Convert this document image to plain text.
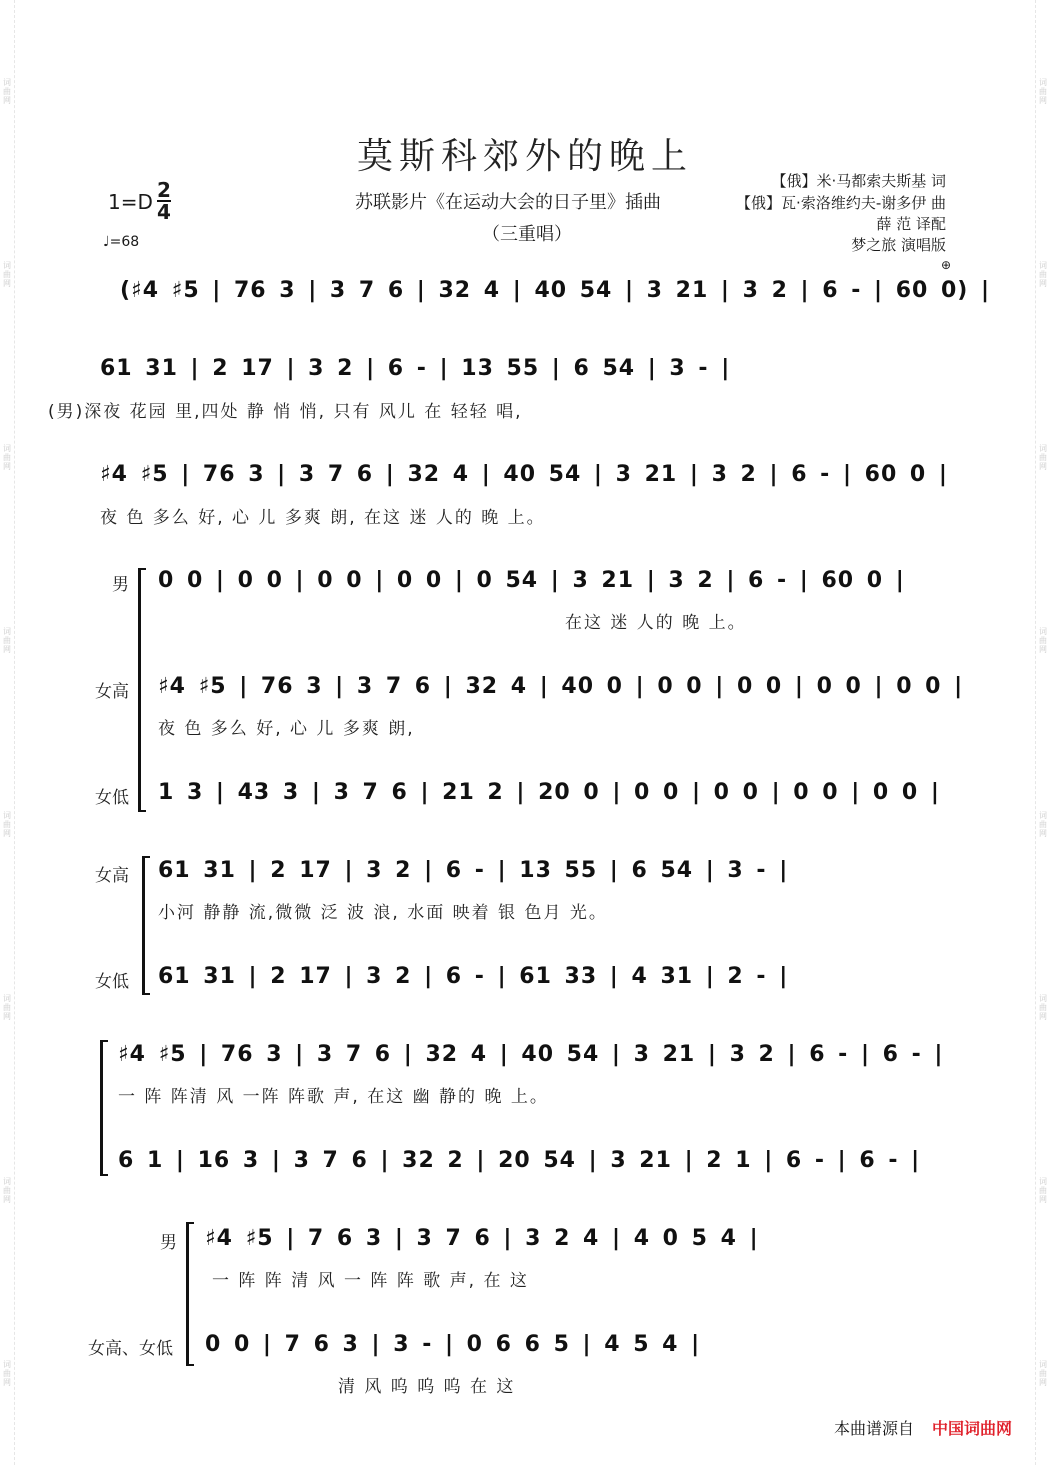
词曲网
词曲网
词曲网
词曲网
词曲网
词曲网
词曲网
词曲网
词曲网
词曲网
词曲网
词曲网
词曲网
词曲网
词曲网
词曲网
莫斯科郊外的晚上
苏联影片《在运动大会的日子里》插曲
（三重唱）
【俄】米·马都索夫斯基 词
【俄】瓦·索洛维约夫-谢多伊 曲
薛 范 译配
梦之旅 演唱版
1=D 2
4
♩=68
⊕
(♯4 ♯5 | 76 3 | 3 7 6 | 32 4 | 40 54 | 3 21 | 3 2 | 6 - | 60 0) |
61 31 | 2 17 | 3 2 | 6 - | 13 55 | 6 54 | 3 - |
(男)深夜 花园 里,四处 静 悄 悄, 只有 风儿 在 轻轻 唱,
♯4 ♯5 | 76 3 | 3 7 6 | 32 4 | 40 54 | 3 21 | 3 2 | 6 - | 60 0 |
夜 色 多么 好, 心 儿 多爽 朗, 在这 迷 人的 晚 上。
男 0 0 | 0 0 | 0 0 | 0 0 | 0 54 | 3 21 | 3 2 | 6 - | 60 0 |
在这 迷 人的 晚 上。
女高 ♯4 ♯5 | 76 3 | 3 7 6 | 32 4 | 40 0 | 0 0 | 0 0 | 0 0 | 0 0 |
夜 色 多么 好, 心 儿 多爽 朗,
女低 1 3 | 43 3 | 3 7 6 | 21 2 | 20 0 | 0 0 | 0 0 | 0 0 | 0 0 |
女高 61 31 | 2 17 | 3 2 | 6 - | 13 55 | 6 54 | 3 - |
小河 静静 流,微微 泛 波 浪, 水面 映着 银 色月 光。
女低 61 31 | 2 17 | 3 2 | 6 - | 61 33 | 4 31 | 2 - |
♯4 ♯5 | 76 3 | 3 7 6 | 32 4 | 40 54 | 3 21 | 3 2 | 6 - | 6 - |
一 阵 阵清 风 一阵 阵歌 声, 在这 幽 静的 晚 上。
6 1 | 16 3 | 3 7 6 | 32 2 | 20 54 | 3 21 | 2 1 | 6 - | 6 - |
男 ♯4 ♯5 | 7 6 3 | 3 7 6 | 3 2 4 | 4 0 5 4 |
一 阵 阵 清 风 一 阵 阵 歌 声, 在 这
女高、女低 0 0 | 7 6 3 | 3 - | 0 6 6 5 | 4 5 4 |
清 风 呜 呜 呜 在 这
本曲谱源自 中国词曲网
